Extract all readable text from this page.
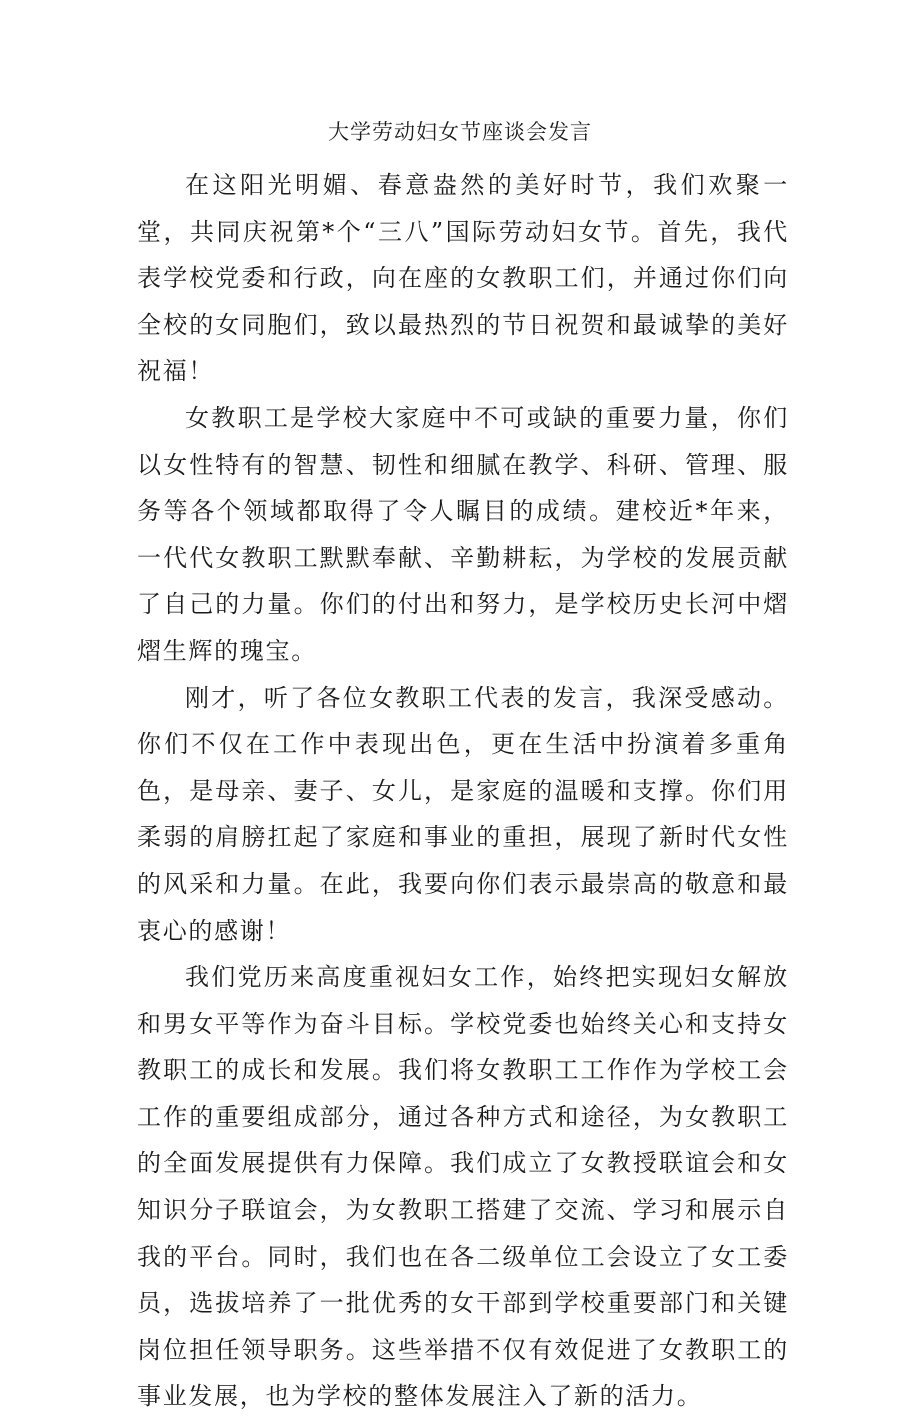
大学劳动妇女节座谈会发言

在这阳光明媚、春意盎然的美好时节，我们欢聚一堂，共同庆祝第*个“三八”国际劳动妇女节。首先，我代表学校党委和行政，向在座的女教职工们，并通过你们向全校的女同胞们，致以最热烈的节日祝贺和最诚挚的美好祝福！

女教职工是学校大家庭中不可或缺的重要力量，你们以女性特有的智慧、韧性和细腻在教学、科研、管理、服务等各个领域都取得了令人瞩目的成绩。建校近*年来，一代代女教职工默默奉献、辛勤耕耘，为学校的发展贡献了自己的力量。你们的付出和努力，是学校历史长河中熠熠生辉的瑰宝。

刚才，听了各位女教职工代表的发言，我深受感动。你们不仅在工作中表现出色，更在生活中扮演着多重角色，是母亲、妻子、女儿，是家庭的温暖和支撑。你们用柔弱的肩膀扛起了家庭和事业的重担，展现了新时代女性的风采和力量。在此，我要向你们表示最崇高的敬意和最衷心的感谢！

我们党历来高度重视妇女工作，始终把实现妇女解放和男女平等作为奋斗目标。学校党委也始终关心和支持女教职工的成长和发展。我们将女教职工工作作为学校工会工作的重要组成部分，通过各种方式和途径，为女教职工的全面发展提供有力保障。我们成立了女教授联谊会和女知识分子联谊会，为女教职工搭建了交流、学习和展示自我的平台。同时，我们也在各二级单位工会设立了女工委员，选拔培养了一批优秀的女干部到学校重要部门和关键岗位担任领导职务。这些举措不仅有效促进了女教职工的事业发展，也为学校的整体发展注入了新的活力。
